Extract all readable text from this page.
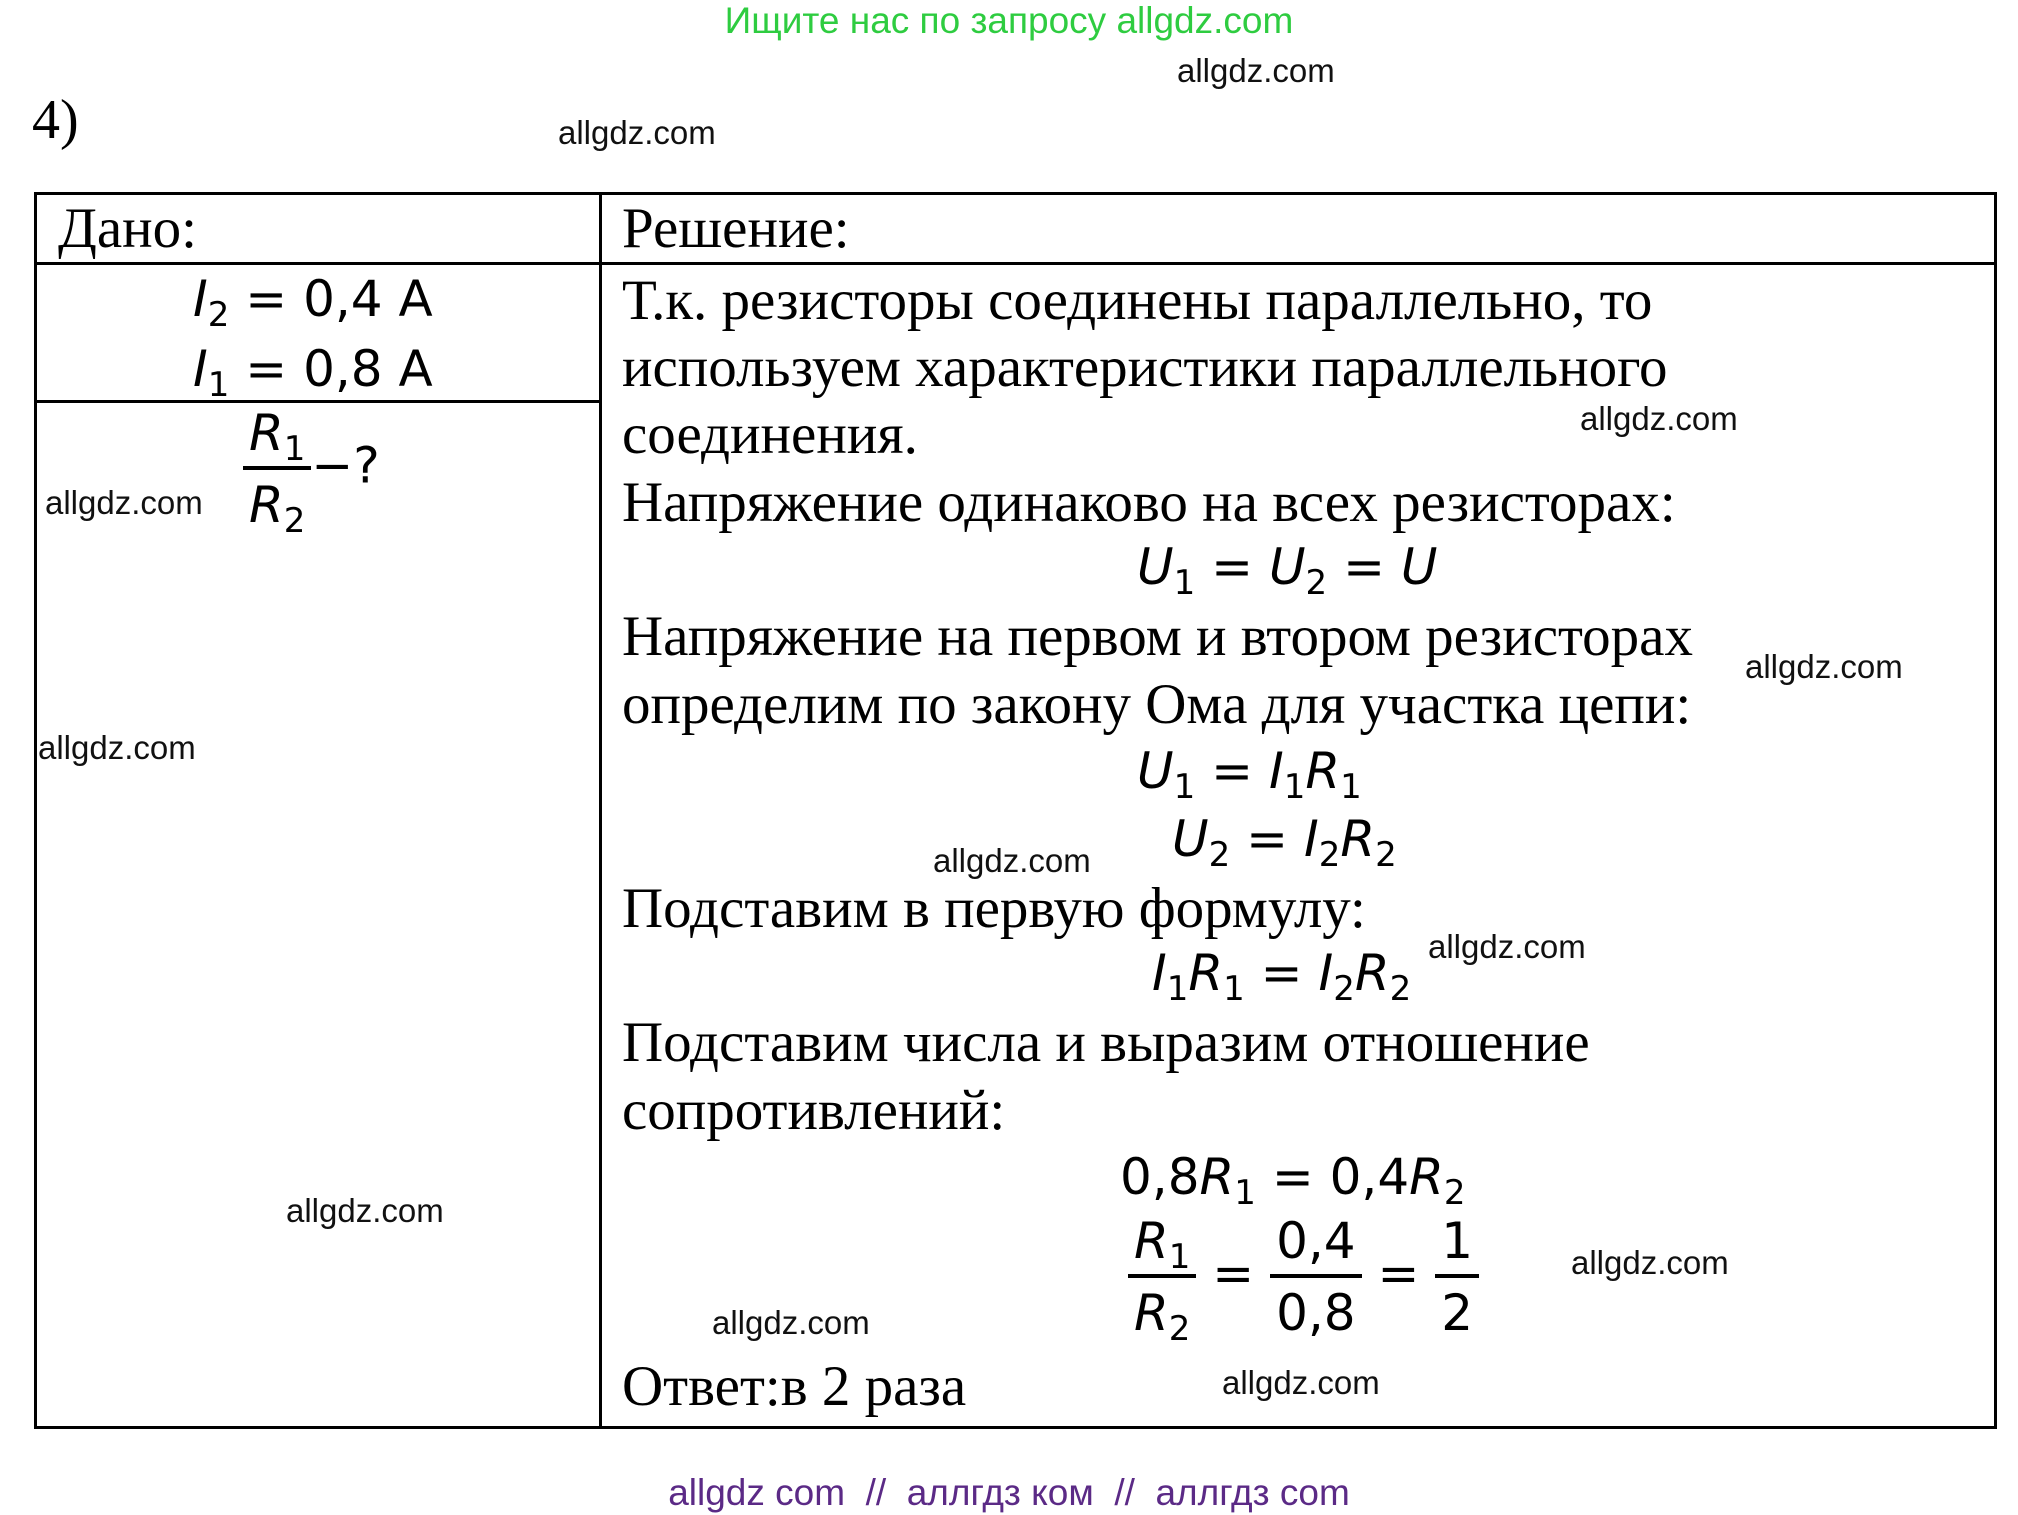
Ищите нас по запросу allgdz.com
4)
Дано:
$I_2 = 0,4$ А
$I_1 = 0,8$ А
$\frac{R_1}{R_2}$ −?
Решение:
Т.к. резисторы соединены параллельно, то
используем характеристики параллельного
соединения.
Напряжение одинаково на всех резисторах:
$U_1 = U_2 = U$
Напряжение на первом и втором резисторах
определим по закону Ома для участка цепи:
$U_1 = I_1R_1$
$U_2 = I_2R_2$
Подставим в первую формулу:
$I_1R_1 = I_2R_2$
Подставим числа и выразим отношение
сопротивлений:
$0,8R_1 = 0,4R_2$
$\frac{R_1}{R_2} = \frac{0,4}{0,8} = \frac{1}{2}$
Ответ:в 2 раза
allgdz.com
allgdz.com
allgdz.com
allgdz.com
allgdz.com
allgdz.com
allgdz.com
allgdz.com
allgdz.com
allgdz.com
allgdz.com
allgdz.com
allgdz com  //  аллгдз ком  //  аллгдз com
